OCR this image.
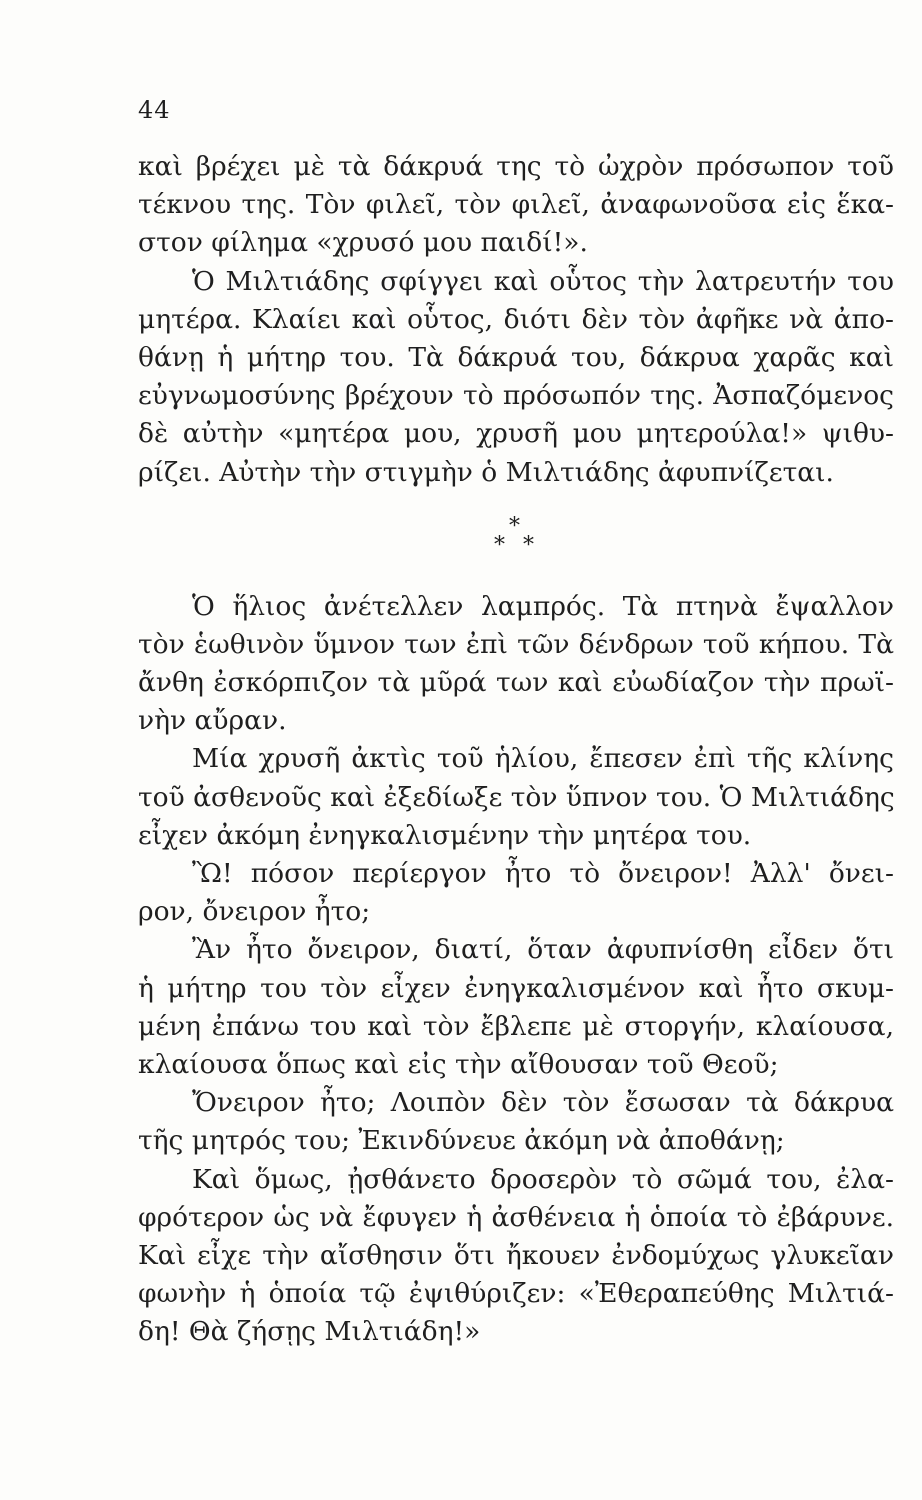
44
καὶ βρέχει μὲ τὰ δάκρυά της τὸ ὠχρὸν πρόσωπον τοῦ
τέκνου της. Τὸν φιλεῖ, τὸν φιλεῖ, ἀναφωνοῦσα εἰς ἕκα-
στον φίλημα «χρυσό μου παιδί!».
Ὁ Μιλτιάδης σφίγγει καὶ οὗτος τὴν λατρευτήν του
μητέρα. Κλαίει καὶ οὗτος, διότι δὲν τὸν ἀφῆκε νὰ ἀπο-
θάνῃ ἡ μήτηρ του. Τὰ δάκρυά του, δάκρυα χαρᾶς καὶ
εὐγνωμοσύνης βρέχουν τὸ πρόσωπόν της. Ἀσπαζόμενος
δὲ αὐτὴν «μητέρα μου, χρυσῆ μου μητερούλα!» ψιθυ-
ρίζει. Αὐτὴν τὴν στιγμὴν ὁ Μιλτιάδης ἀφυπνίζεται.
*
* *
Ὁ ἥλιος ἀνέτελλεν λαμπρός. Τὰ πτηνὰ ἔψαλλον
τὸν ἑωθινὸν ὕμνον των ἐπὶ τῶν δένδρων τοῦ κήπου. Τὰ
ἄνθη ἐσκόρπιζον τὰ μῦρά των καὶ εὐωδίαζον τὴν πρωϊ-
νὴν αὔραν.
Μία χρυσῆ ἀκτὶς τοῦ ἡλίου, ἔπεσεν ἐπὶ τῆς κλίνης
τοῦ ἀσθενοῦς καὶ ἐξεδίωξε τὸν ὕπνον του. Ὁ Μιλτιάδης
εἶχεν ἀκόμη ἐνηγκαλισμένην τὴν μητέρα του.
Ὢ! πόσον περίεργον ἦτο τὸ ὄνειρον! Ἀλλ' ὄνει-
ρον, ὄνειρον ἦτο;
Ἂν ἦτο ὄνειρον, διατί, ὅταν ἀφυπνίσθη εἶδεν ὅτι
ἡ μήτηρ του τὸν εἶχεν ἐνηγκαλισμένον καὶ ἦτο σκυμ-
μένη ἐπάνω του καὶ τὸν ἔβλεπε μὲ στοργήν, κλαίουσα,
κλαίουσα ὅπως καὶ εἰς τὴν αἴθουσαν τοῦ Θεοῦ;
Ὄνειρον ἦτο; Λοιπὸν δὲν τὸν ἔσωσαν τὰ δάκρυα
τῆς μητρός του; Ἐκινδύνευε ἀκόμη νὰ ἀποθάνῃ;
Καὶ ὅμως, ᾐσθάνετο δροσερὸν τὸ σῶμά του, ἐλα-
φρότερον ὡς νὰ ἔφυγεν ἡ ἀσθένεια ἡ ὁποία τὸ ἐβάρυνε.
Καὶ εἶχε τὴν αἴσθησιν ὅτι ἤκουεν ἐνδομύχως γλυκεῖαν
φωνὴν ἡ ὁποία τῷ ἐψιθύριζεν: «Ἐθεραπεύθης Μιλτιά-
δη! Θὰ ζήσῃς Μιλτιάδη!»
